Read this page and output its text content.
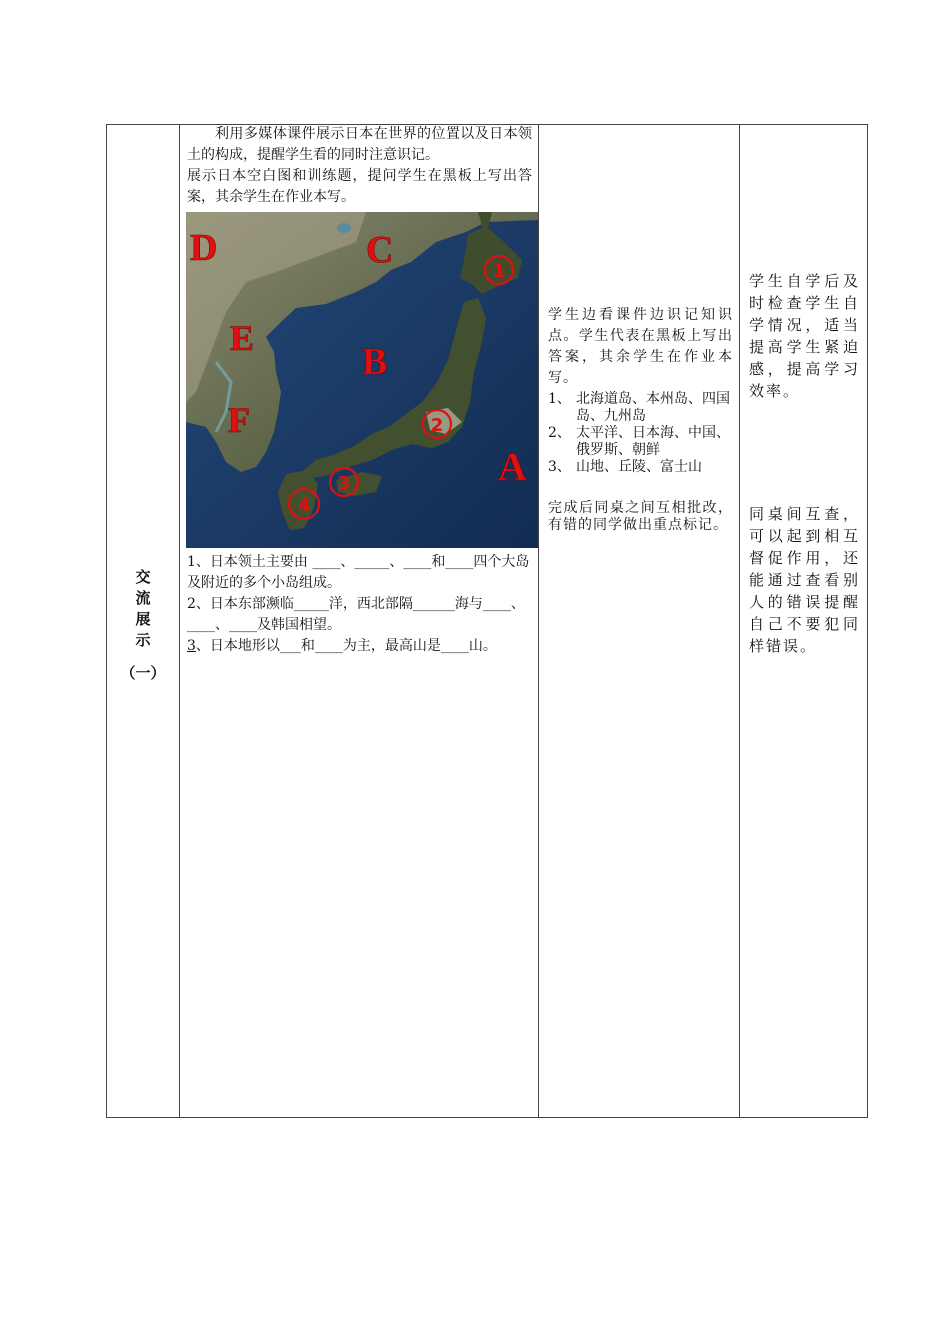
交
流
展
示
（一）

利用多媒体课件展示日本在世界的位置以及日本领土的构成，提醒学生看的同时注意识记。

展示日本空白图和训练题，提问学生在黑板上写出答案，其余学生在作业本写。

D	C
E
B
F
A
1
2
3
4

1、日本领土主要由 ____、_____、____和____四个大岛及附近的多个小岛组成。

2、日本东部濒临_____洋，西北部隔______海与____、____、____及韩国相望。

3、日本地形以___和____为主，最高山是____山。

学生边看课件边识记知识点。学生代表在黑板上写出答案，其余学生在作业本写。

1、 北海道岛、本州岛、四国岛、九州岛
2、 太平洋、日本海、中国、俄罗斯、朝鲜
3、 山地、丘陵、富士山

完成后同桌之间互相批改，有错的同学做出重点标记。

学生自学后及时检查学生自学情况，适当提高学生紧迫感，提高学习效率。

同桌间互查，可以起到相互督促作用，还能通过查看别人的错误提醒自己不要犯同样错误。
